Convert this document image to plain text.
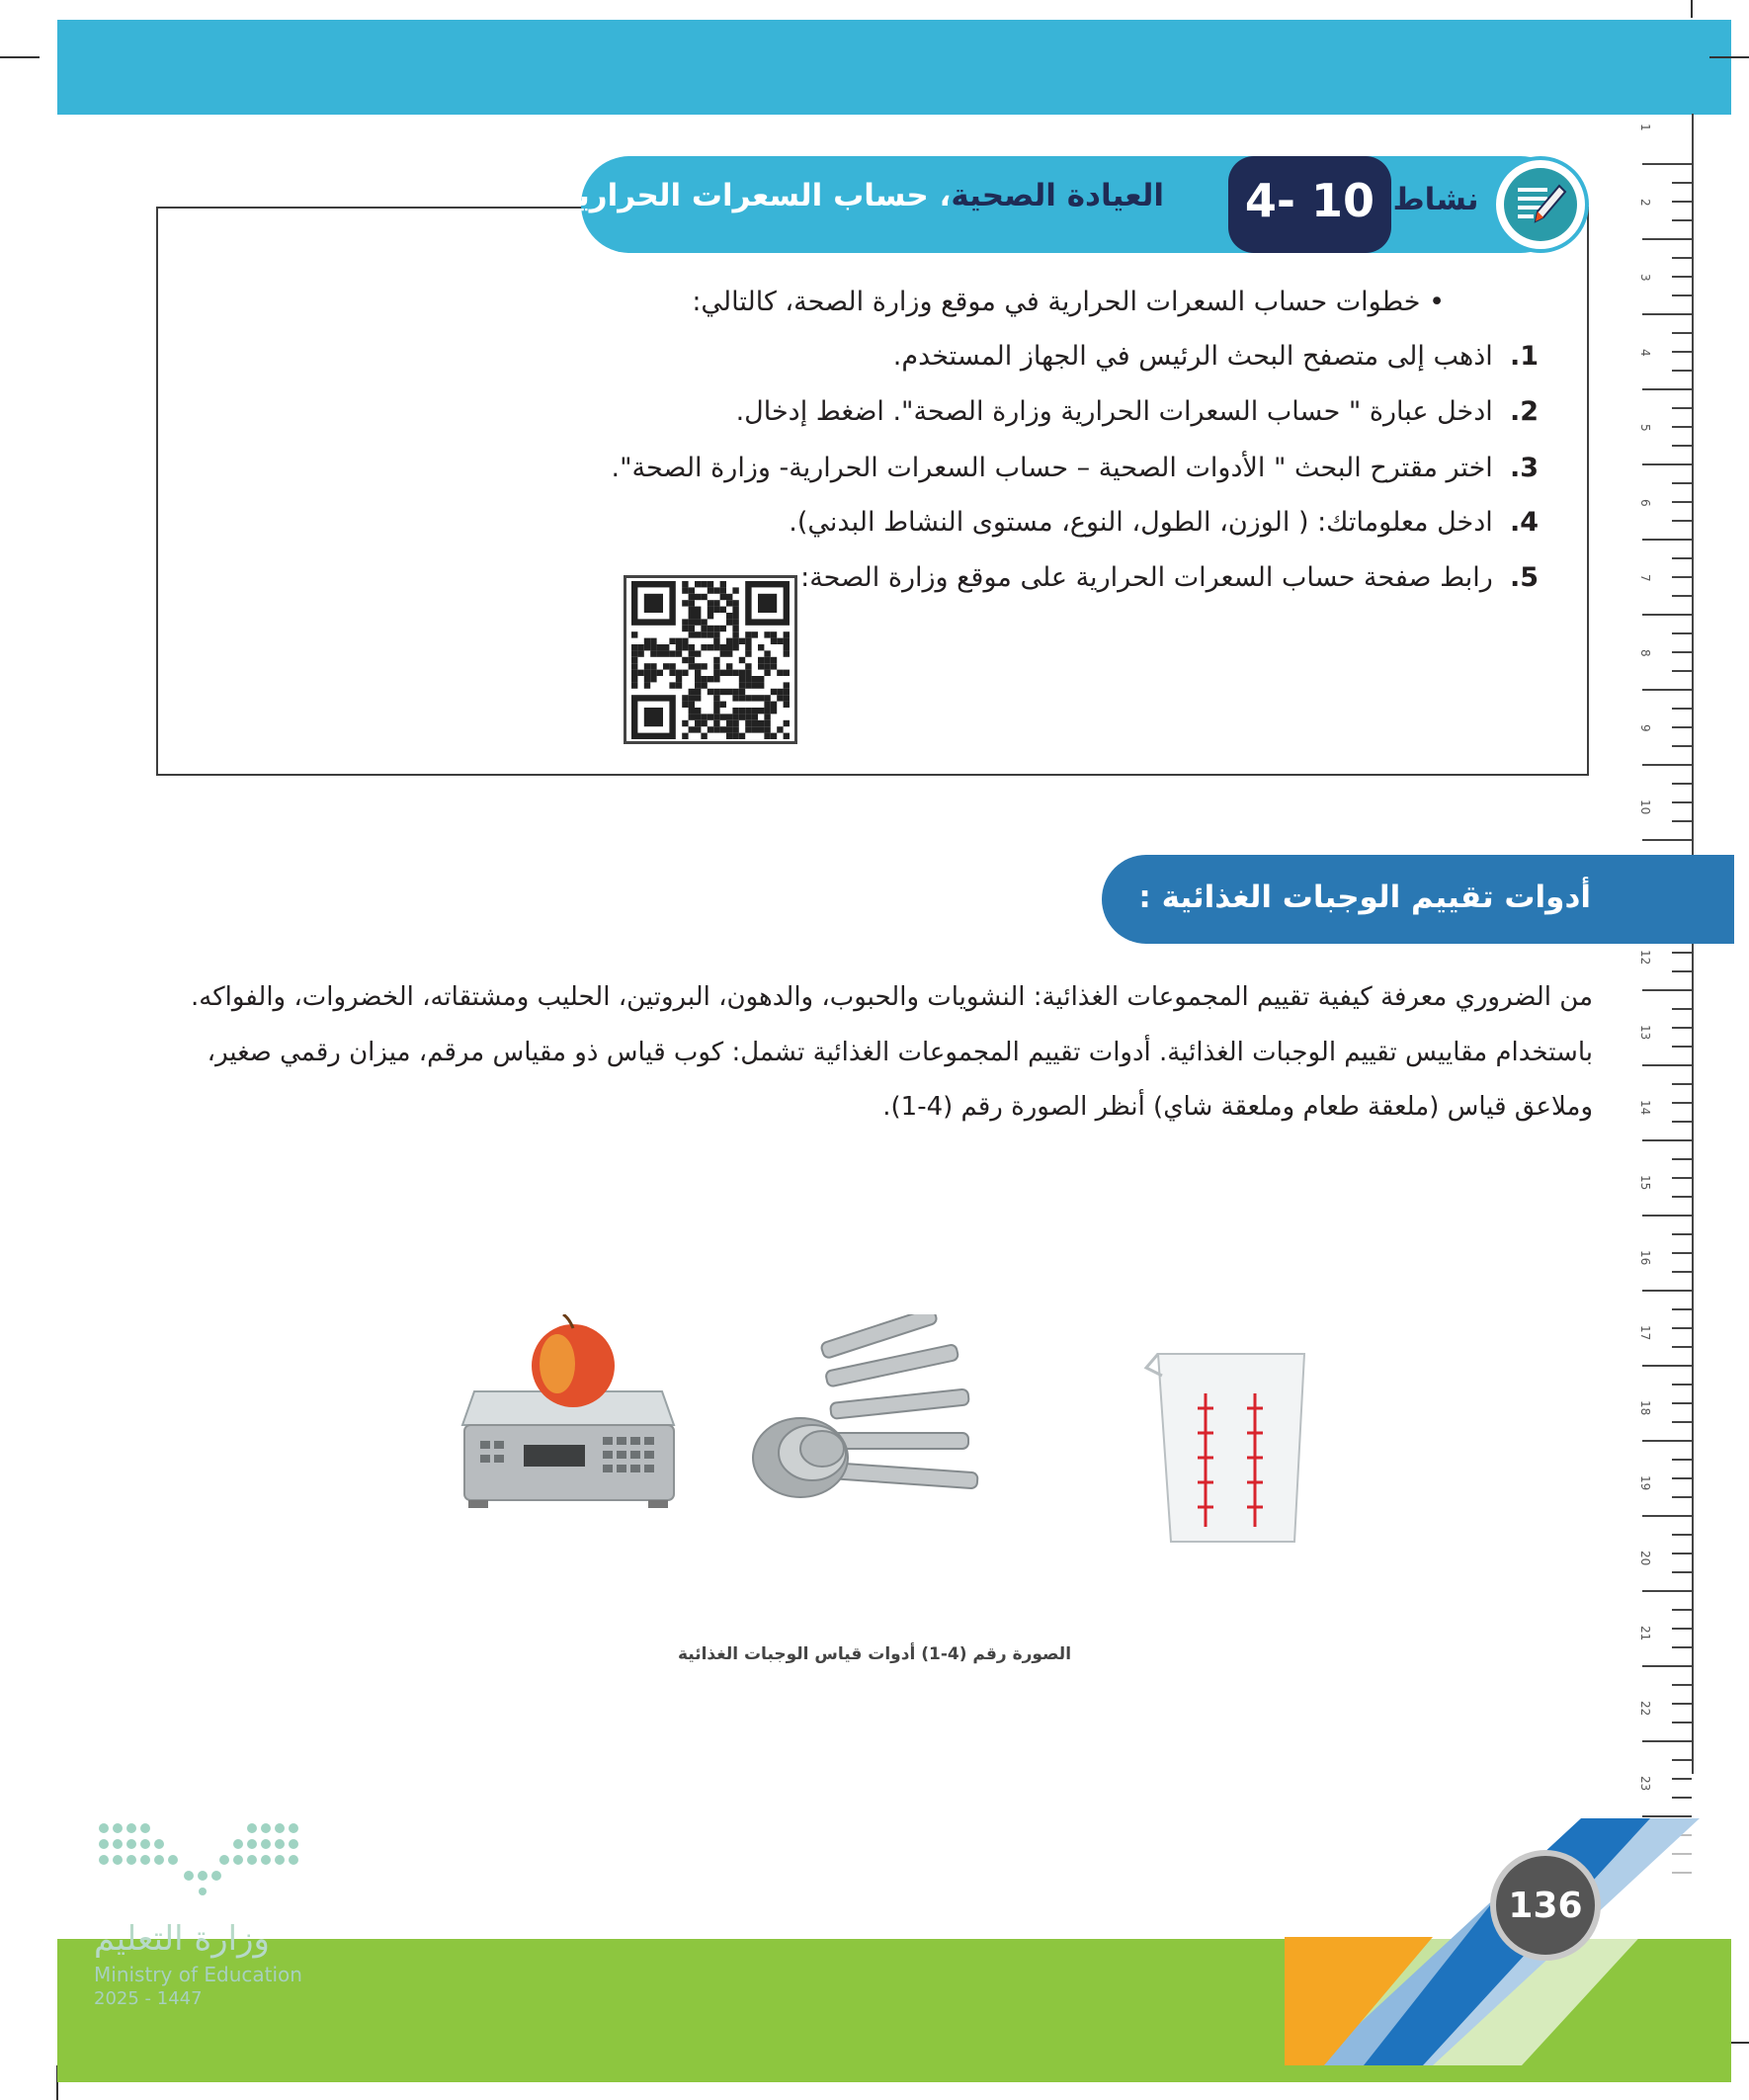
1
2
3
4
5
6
7
8
9
10
12
13
14
15
16
17
18
19
20
21
22
23
العيادة الصحية، حساب السعرات الحرارية	4- 10 نشاط
• خطوات حساب السعرات الحرارية في موقع وزارة الصحة، كالتالي:
1.  اذهب إلى متصفح البحث الرئيس في الجهاز المستخدم.
2.  ادخل عبارة " حساب السعرات الحرارية وزارة الصحة". اضغط إدخال.
3.  اختر مقترح البحث " الأدوات الصحية – حساب السعرات الحرارية- وزارة الصحة".
4.  ادخل معلوماتك: ( الوزن، الطول، النوع، مستوى النشاط البدني).
5.  رابط صفحة حساب السعرات الحرارية على موقع وزارة الصحة:
أدوات تقييم الوجبات الغذائية :
من الضروري معرفة كيفية تقييم المجموعات الغذائية: النشويات والحبوب، والدهون، البروتين، الحليب ومشتقاته، الخضروات، والفواكه.
باستخدام مقاييس تقييم الوجبات الغذائية. أدوات تقييم المجموعات الغذائية تشمل: كوب قياس ذو مقياس مرقم، ميزان رقمي صغير،
وملاعق قياس (ملعقة طعام وملعقة شاي) أنظر الصورة رقم (4-1).
الصورة رقم (4-1) أدوات قياس الوجبات الغذائية
وزارة التعليم
Ministry of Education
2025 - 1447
136
